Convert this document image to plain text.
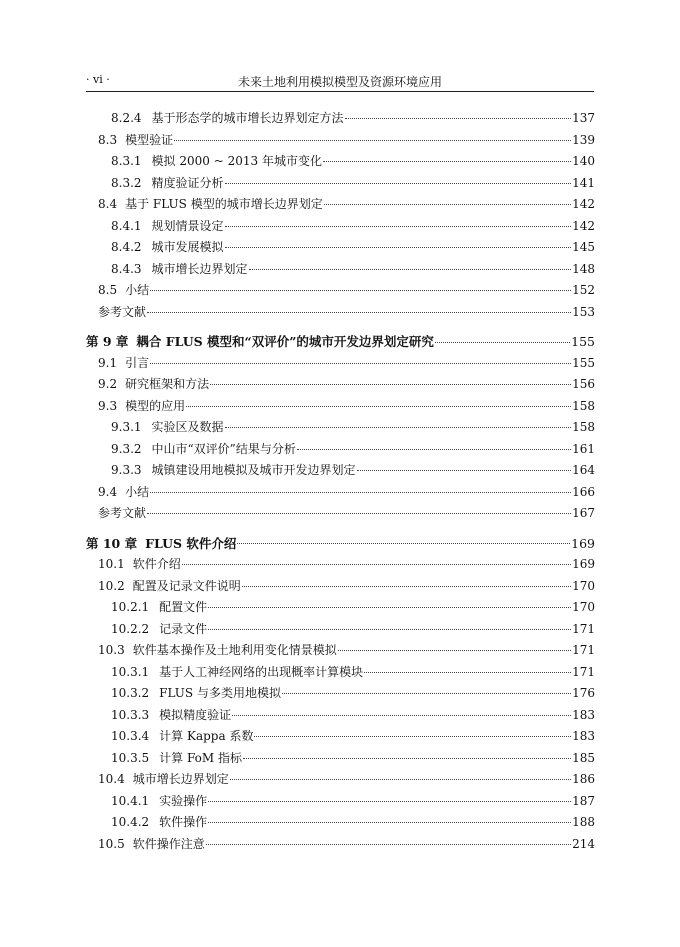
· vi ·	未来土地利用模拟模型及资源环境应用
8.2.4 基于形态学的城市增长边界划定方法	137
8.3 模型验证	139
8.3.1 模拟 2000 ~ 2013 年城市变化	140
8.3.2 精度验证分析	141
8.4 基于 FLUS 模型的城市增长边界划定	142
8.4.1 规划情景设定	142
8.4.2 城市发展模拟	145
8.4.3 城市增长边界划定	148
8.5 小结	152
参考文献	153
第 9 章 耦合 FLUS 模型和“双评价”的城市开发边界划定研究	155
9.1 引言	155
9.2 研究框架和方法	156
9.3 模型的应用	158
9.3.1 实验区及数据	158
9.3.2 中山市“双评价”结果与分析	161
9.3.3 城镇建设用地模拟及城市开发边界划定	164
9.4 小结	166
参考文献	167
第 10 章 FLUS 软件介绍	169
10.1 软件介绍	169
10.2 配置及记录文件说明	170
10.2.1 配置文件	170
10.2.2 记录文件	171
10.3 软件基本操作及土地利用变化情景模拟	171
10.3.1 基于人工神经网络的出现概率计算模块	171
10.3.2 FLUS 与多类用地模拟	176
10.3.3 模拟精度验证	183
10.3.4 计算 Kappa 系数	183
10.3.5 计算 FoM 指标	185
10.4 城市增长边界划定	186
10.4.1 实验操作	187
10.4.2 软件操作	188
10.5 软件操作注意	214
